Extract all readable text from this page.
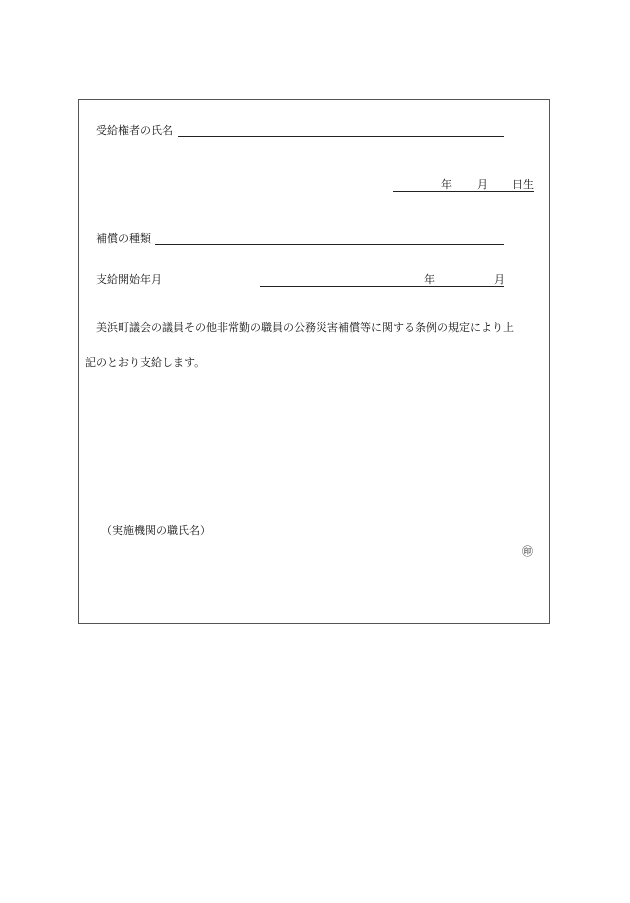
受給権者の氏名
年 月 日生
補償の種類
支給開始年月	年	月
美浜町議会の議員その他非常勤の職員の公務災害補償等に関する条例の規定により上
記のとおり支給します。
（実施機関の職氏名）
㊞
